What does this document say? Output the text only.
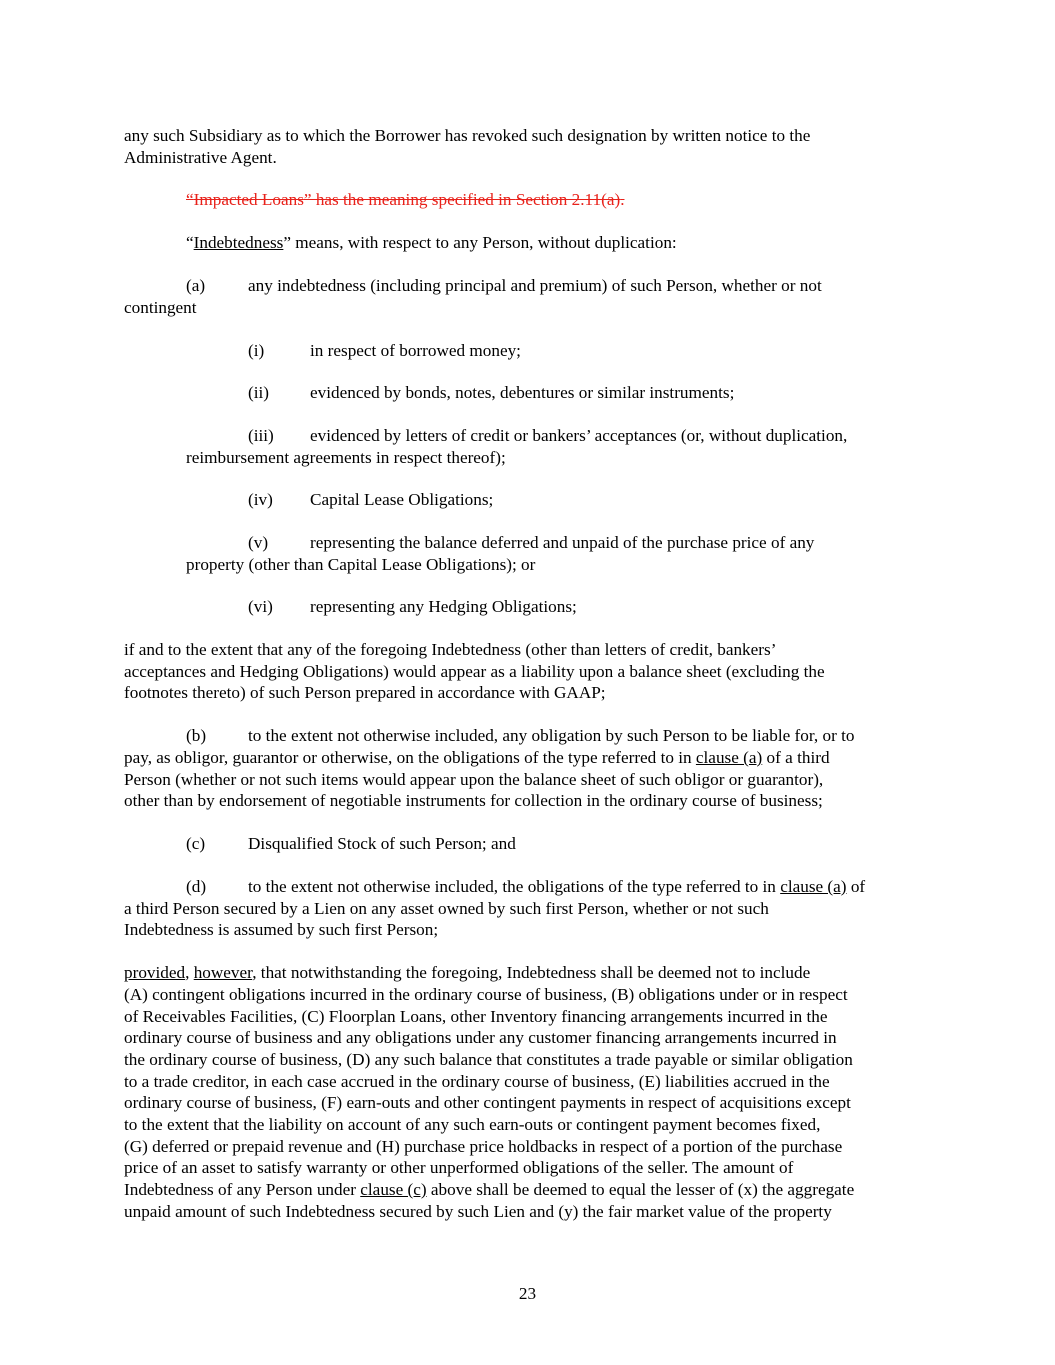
any such Subsidiary as to which the Borrower has revoked such designation by written notice to the
Administrative Agent.
“Impacted Loans” has the meaning specified in Section 2.11(a).
“Indebtedness” means, with respect to any Person, without duplication:
(a) any indebtedness (including principal and premium) of such Person, whether or not
contingent
(i)	in respect of borrowed money;
(ii) evidenced by bonds, notes, debentures or similar instruments;
(iii) evidenced by letters of credit or bankers’ acceptances (or, without duplication,
reimbursement agreements in respect thereof);
(iv) Capital Lease Obligations;
(v) representing the balance deferred and unpaid of the purchase price of any
property (other than Capital Lease Obligations); or
(vi) representing any Hedging Obligations;
if and to the extent that any of the foregoing Indebtedness (other than letters of credit, bankers’
acceptances and Hedging Obligations) would appear as a liability upon a balance sheet (excluding the
footnotes thereto) of such Person prepared in accordance with GAAP;
(b) to the extent not otherwise included, any obligation by such Person to be liable for, or to
pay, as obligor, guarantor or otherwise, on the obligations of the type referred to in clause (a) of a third
Person (whether or not such items would appear upon the balance sheet of such obligor or guarantor),
other than by endorsement of negotiable instruments for collection in the ordinary course of business;
(c) Disqualified Stock of such Person; and
(d) to the extent not otherwise included, the obligations of the type referred to in clause (a) of
a third Person secured by a Lien on any asset owned by such first Person, whether or not such
Indebtedness is assumed by such first Person;
provided, however, that notwithstanding the foregoing, Indebtedness shall be deemed not to include
(A) contingent obligations incurred in the ordinary course of business, (B) obligations under or in respect
of Receivables Facilities, (C) Floorplan Loans, other Inventory financing arrangements incurred in the
ordinary course of business and any obligations under any customer financing arrangements incurred in
the ordinary course of business, (D) any such balance that constitutes a trade payable or similar obligation
to a trade creditor, in each case accrued in the ordinary course of business, (E) liabilities accrued in the
ordinary course of business, (F) earn-outs and other contingent payments in respect of acquisitions except
to the extent that the liability on account of any such earn-outs or contingent payment becomes fixed,
(G) deferred or prepaid revenue and (H) purchase price holdbacks in respect of a portion of the purchase
price of an asset to satisfy warranty or other unperformed obligations of the seller. The amount of
Indebtedness of any Person under clause (c) above shall be deemed to equal the lesser of (x) the aggregate
unpaid amount of such Indebtedness secured by such Lien and (y) the fair market value of the property
23
